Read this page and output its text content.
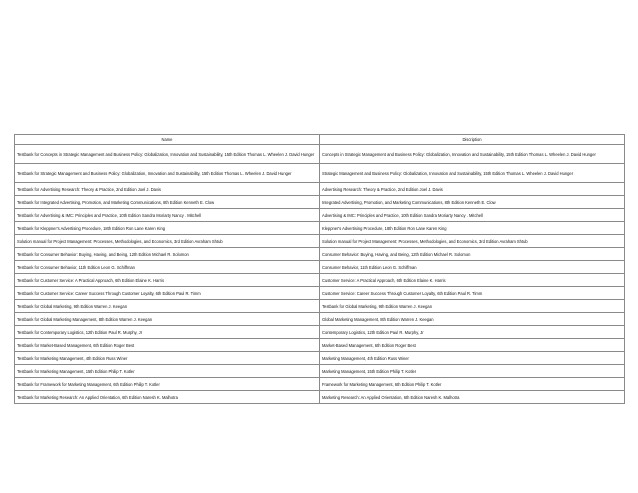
Name	Discription
Testbank for Concepts in Strategic Management and Business Policy: Globalization, Innovation and Sustainability, 15th Edition Thomas L. Wheelen J. David Hunger	Concepts in Strategic Management and Business Policy: Globalization, Innovation and Sustainability, 15th Edition Thomas L. Wheelen J. David Hunger
Testbank for Strategic Management and Business Policy: Globalization, Innovation and Sustainability, 15th Edition Thomas L. Wheelen J. David Hunger	Strategic Management and Business Policy: Globalization, Innovation and Sustainability, 15th Edition Thomas L. Wheelen J. David Hunger
Testbank for Advertising Research: Theory & Practice, 2nd Edition Joel J. Davis	Advertising Research: Theory & Practice, 2nd Edition Joel J. Davis
Testbank for Integrated Advertising, Promotion, and Marketing Communications, 8th Edition Kenneth E. Clow	Integrated Advertising, Promotion, and Marketing Communications, 8th Edition Kenneth E. Clow
Testbank for Advertising & IMC: Principles and Practice, 10th Edition Sandra Moriarty Nancy . Mitchell	Advertising & IMC: Principles and Practice, 10th Edition Sandra Moriarty Nancy . Mitchell
Testbank for Kleppner's Advertising Procedure, 18th Edition Ron Lane Karen King	Kleppner's Advertising Procedure, 18th Edition Ron Lane Karen King
Solution manual for Project Management: Processes, Methodologies, and Economics, 3rd Edition Avraham Shtub	Solution manual for Project Management: Processes, Methodologies, and Economics, 3rd Edition Avraham Shtub
Testbank for Consumer Behavior: Buying, Having, and Being, 12th Edition Michael R. Solomon	Consumer Behavior: Buying, Having, and Being, 12th Edition Michael R. Solomon
Testbank for Consumer Behavior, 11th Edition Leon G. Schiffman	Consumer Behavior, 11th Edition Leon G. Schiffman
Testbank for Customer Service: A Practical Approach, 6th Edition Elaine K. Harris	Customer Service: A Practical Approach, 6th Edition Elaine K. Harris
Testbank for Customer Service: Career Success Through Customer Loyalty, 6th Edition Paul R. Timm	Customer Service: Career Success Through Customer Loyalty, 6th Edition Paul R. Timm
Testbank for Global Marketing, 9th Edition Warren J. Keegan	Testbank for Global Marketing, 9th Edition Warren J. Keegan
Testbank for Global Marketing Management, 8th Edition Warren J. Keegan	Global Marketing Management, 8th Edition Warren J. Keegan
Testbank for Contemporary Logistics, 12th Edition Paul R. Murphy, Jr	Contemporary Logistics, 12th Edition Paul R. Murphy, Jr
Testbank for Market-Based Management, 6th Edition Roger Best	Market-Based Management, 6th Edition Roger Best
Testbank for Marketing Management, 4th Edition Russ Winer	Marketing Management, 4th Edition Russ Winer
Testbank for Marketing Management, 15th Edition Philip T. Kotler	Marketing Management, 15th Edition Philip T. Kotler
Testbank for Framework for Marketing Management, 6th Edition Philip T. Kotler	Framework for Marketing Management, 6th Edition Philip T. Kotler
Testbank for Marketing Research: An Applied Orientation, 6th Edition Naresh K. Malhotra	Marketing Research: An Applied Orientation, 6th Edition Naresh K. Malhotra
